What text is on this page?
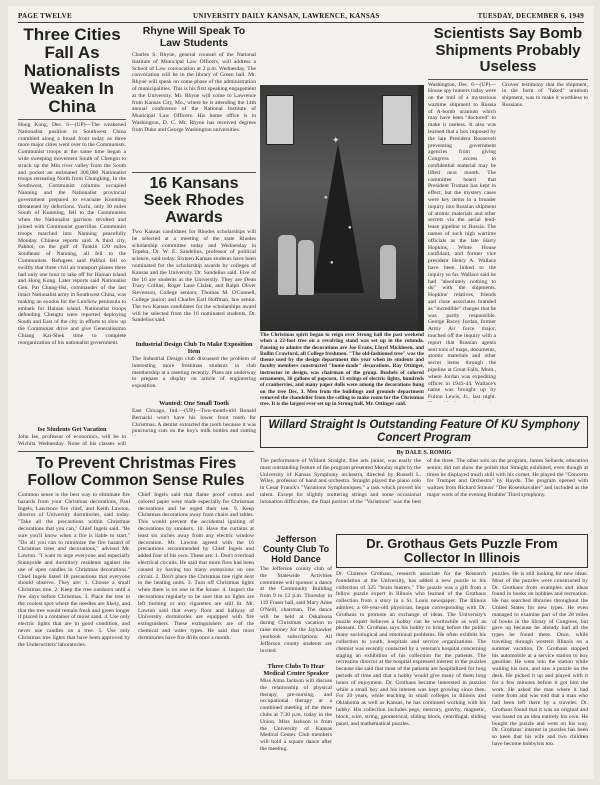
PAGE TWELVE	UNIVERSITY DAILY KANSAN, LAWRENCE, KANSAS	TUESDAY, DECEMBER 6, 1949
Three Cities Fall As Nationalists Weaken In China
Hong Kong, Dec. 6—(UP)—The weakened Nationalist position in Southwest China crumbled along a broad front today as three more major cities went over to the Communists. Communist troops at the same time began a wide sweeping movement South of Chengtu to struck up the Min river valley from the South and pocket an estimated 300,000 Nationalist troops retreating North from Chungking. In the Southwest, Communist columns occupied Nanning and the Nationalist provincial government prepared to evacuate Kunming threatened by defections. Yuchi, only 30 miles South of Kunming, fell to the Communists when the Nationalist garrison revolted and joined with Communist guerrillas. Communist troops marched into Nanning peacefully Monday. Chinese reports said. A third city, Pakhoi, on the gulf of Tonkin 120 miles Southeast of Nanning, all fell to the Communists. Refugees said Pakhoi fell so swiftly that three civil air transport planes there had only one hour to take off for Hainan island and Hong Kong. Later reports said Nationalist Gen. Pai Chung-Hsi, commander of the last intact Nationalist army in Southwest China, was making an exodus for the Luichow peninsula to embark for Hainan island. Nationalist troops defending Chengtu were reported deploying South and East of the city in efforts to slow up the Communist drive and give Generalissimo Chiang Kai-Shek time to complete reorganization of his nationalist government.
Ise Students Get Vacation
John Ise, professor of economics, will be in Wichita Wednesday. None of his classes will
Rhyne Will Speak To Law Students
Charles S. Rhyne, general counsel of the National Institute of Municipal Law Officers, will address a School of Law convocation at 2 p.m. Wednesday. The convocation will be in the library of Green hall. Mr. Rhyne will speak on some phase of the administration of municipalities. This is his first speaking engagement at the University. Mr. Rhyne will come to Lawrence from Kansas City, Mo., where he is attending the 14th annual conference of the National Institute of Municipal Law Officers. His home office is in Washington, D. C. Mr. Rhyne has received degrees from Duke and George Washington universities.
16 Kansans Seek Rhodes Awards
Two Kansas candidates for Rhodes scholarships will be selected at a meeting of the state Rhodes scholarship committee today and Wednesday in Topeka, Dr. W. E. Sandelius, professor of political science, said today. Sixteen Kansas students have been nominated for the scholarship awards by colleges of Kansas and the University. Dr. Sandelius said. Five of the 16 are students at the University. They are Dean Tracy Collins, Roger Lane Cislak, and Ralph Oliver Stevenson, College seniors; Thomas M. O'Connell, College junior; and Charles Earl Hoffman, law senior. The two Kansas candidates for the scholarships award will be selected from the 16 nominated students, Dr. Sandelius said.
Industrial Design Club To Make Exposition Item
The Industrial Design club discussed the problem of interesting more freshman students in club membership at a meeting recently. Plans are underway to prepare a display on article of engineering exposition.
Wanted: One Small Tooth
East Chicago, Ind.—(UP)—Two-month-old Ronald Bernacki won't have his lower front tooth for Christmas. A dentist extracted the tooth because it was puncturing cuts on the boy's milk bottles and cutting
✦
●
●
●
The Christmas spirit began to reign over Strong hall the past weekend when a 22-foot tree on a revolving stand was set up in the rotunda. Pausing to admire the decorations are Joe Evans, Lloyd Micklesen, and Rollin Crawford, all College freshmen. "The old-fashioned tree" was the theme used by the design department this year when its students and faculty members constructed "home-made" decorations. Ray Ottinger, instructor in design, was chairman of the group. Bushels of colored ornaments, 36 gallons of popcorn, 13 strings of electric lights, hundreds of cranberries, and many paper dolls were among the decorations hung on the tree Dec. 3. Men from the buildings and grounds department removed the chandelier from the ceiling to make room for the Christmas tree. It is the largest ever set up in Strong hall, Mr. Ottinger said.
Scientists Say Bomb Shipments Probably Useless
Washington, Dec. 6—(UP)—House spy hunters today were on the trail of a mysterious wartime shipment to Russia of A-bomb uranium which may have been "doctored" to make it useless. It also was learned that a box imposed by the late President Roosevelt preventing government agencies from giving Congress access to confidential material may be lifted next month. The committee heard that President Truman has kept in effect, but the mystery cases were key items in a broader inquiry into Russian shipment of atomic materials and other secrets via the aerial lend-lease pipeline to Russia. The names of such high wartime officials as the late Harry Hopkins, White House confidant, and former vice president Henry A. Wallace have been linked to the inquiry so far. Wallace said he had "absolutely nothing to do" with the shipments. Hopkins' relatives, friends and close associates branded as "incredible" charges that he was partly responsible. George Racey Jordan, former Army Air force major, touched off the inquiry with a report that Russian agents sent tons of maps, documents, atomic materials and other secret items through the pipeline at Great Falls, Mont., where Jordan was expediting officer in 1943-44. Wallace's name was brought up by Fulton Lewis, Jr., last night.
Groves' testimony that the shipment, in the form of "faked" uranium shipment, was to make it worthless to Russians.
Willard Straight Is Outstanding Feature Of KU Symphony Concert Program
By DALE S. ROMIG
The performance of Willard Straight, fine arts junior, was easily the most outstanding feature of the program presented Monday night by the University of Kansas Symphony orchestra, directed by Russell L. Wiley, professor of band and orchestra. Straight played the piano solo in Cesar Franck's "Variations Symphoniques," a task which proved his talent. Except for slightly stuttering strings and some occasional intonation difficulties, the final portion of the "Variations" was the best of the three. The other solo on the program, James Sellards, education senior, did not show the polish that Straight exhibited, even though at times he displayed much skill with his cornet. He played the "Concerto for Trumpet and Orchestra" by Haydn. The program opened with waltzes from Richard Strauss' "Der Rosenkavalier" and included as the major work of the evening Brahms' Third symphony.
To Prevent Christmas Fires Follow Common Sense Rules
Common sense is the best way to eliminate fire hazards from your Christmas decorations, Paul Ingels, Lawrence fire chief, and Keith Lawton, director of University dormitories, said today. "Take all the precautions within Christmas decorations that you can," Chief Ingels said. "Be sure you'll know when a fire is liable to start." "Do all you can to minimize the fire hazard of Christmas trees and decorations," advised Mr. Lawton. "I want to urge everyone and especially Sunnyside and dormitory residents against the use of open candles in Christmas decorations." Chief Ingels listed 18 precautions that everyone should observe. They are: 1. Choose a small Christmas tree. 2. Keep the tree outdoors until a few days before Christmas. 3. Place the tree in the coolest spot where the needles are likely, and that the tree would remain fresh and green longer if placed in a container of moist sand. 4. Use only electric lights that are in good condition, and never use candles on a tree. 5. Use only Christmas tree lights that have been approved by the Underwriters' laboratories.
Chief Ingels said that flame proof cotton and colored paper were made especially for Christmas decorations and he urged their use. 9. Keep Christmas decorations away from chairs and tables. This would prevent the accidental igniting of decorations by smokers. 10. Have the curtains at least six inches away from any electric window decoration. Mr. Lawton agreed with the 16 precautions recommended by Chief Ingels and added four of his own. These are: 1. Don't overload electrical circuits. He said that more fires had been caused by having too many extensions on one circuit. 2. Don't place the Christmas tree right next to the heating units. 3. Turn off Christmas lights when there is no one in the house. 4. Inspect the decorations regularly to be sure that no lights are left burning or any cigarettes are still lit. Mr. Lawton said that every floor and hallway of University dormitories are equipped with fire extinguishers. These extinguishers are of the chemical and water types. He said that most dormitories have fire drills once a month.
Jefferson County Club To Hold Dance
The Jefferson county club of the Statewide Activities committee will sponsor a dance at the Community Building from 9 to 12 p.m. Thursday in 119 Fraser hall, said Mary Anne O'Neill, chairman. The dance will be held at Oskaloosa during Christmas vacation to raise money for the Jayhawker yearbook subscriptions. All Jefferson county students are invited.
Three Clubs To Hear Medical Center Speaker
Miss Alma Jackson will discuss the relationship of physical therapy, pre-nursing, and occupational therapy at a combined meeting of the three clubs at 7:30 p.m. today in the Union. Miss Jackson is from the University of Kansas Medical Center. Club members will hold a square dance after the meeting.
Dr. Grothaus Gets Puzzle From Collector In Illinois
Dr. Clarence Grothaus, research associate for the Research foundation at the University, has added a new puzzle to his collection of 325 "brain busters." The puzzle was a gift from a fellow puzzle expert in Illinois who learned of the Grothaus collection from a story in a St. Louis newspaper. The Illinois admirer, a 68-year-old physician, began corresponding with Dr. Grothaus to promote an exchange of ideas. The University's puzzle expert believes a hobby can be worthwhile as well as pleasant. Dr. Grothaus says his hobby to bring before the public many sociological and emotional problems. He often exhibits his collection to youth, hospitals and service organizations. The chemist was recently contacted by a veteran's hospital concerning staging an exhibition of his collection for the patients. The recreation director at the hospital expressed interest in the puzzles because she said that most of the patients are hospitalized for long periods of time and that a hobby would give many of them long hours of enjoyment. Dr. Grothaus became interested in puzzles while a small boy and his interest was kept growing since then. For 20 years, while teaching in small colleges in Illinois and Oklahoma as well as Kansas, he has continued working with his hobby. His collection includes pegs, mercury, gravity, magnetic, block, wire, string, geometrical, sliding block, centrifugal, sliding panel, and mathematical puzzles.
puzzles. He is still looking for new ideas. Most of the puzzles were constructed by Dr. Grothaus from examples and ideas found in books on hobbies and recreation. He has searched libraries throughout the United States for new types. He even managed to examine part of the 28 miles of books in the library of Congress, but gave up because he already had all the types he found there. Once, while traveling through western Illinois on a summer vacation, Dr. Grothaus stopped his automobile at a service station to buy gasoline. He went into the station while waiting his turn, and saw a puzzle on the desk. He picked it up and played with it for a few minutes before it got him the work. He asked the man where it had come from and was told that a man who had been left there by a traveler. Dr. Grothaus found that it was an original and was based on an idea entirely his own. He bought the puzzle and went on his way. Dr. Grothaus' interest in puzzles has been so keen that his wife and two children have become hobbyists too.
